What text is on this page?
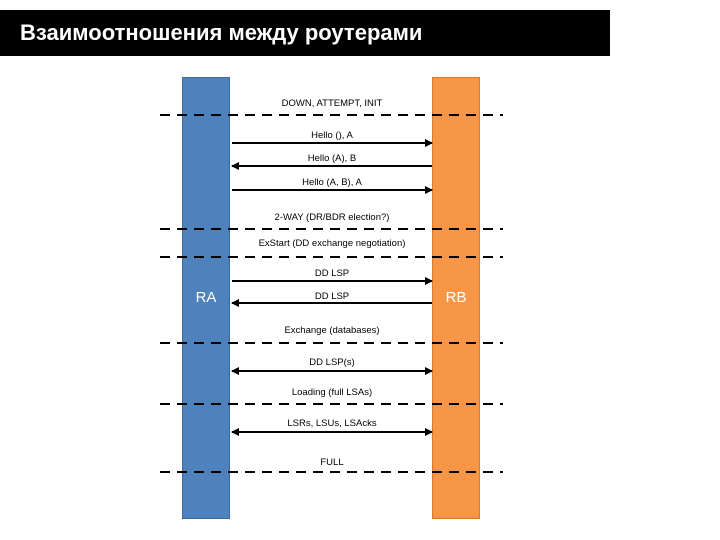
Взаимоотношения между роутерами
DOWN, ATTEMPT, INIT
2-WAY (DR/BDR election?)
ExStart (DD exchange negotiation)
Exchange (databases)
Loading (full LSAs)
FULL
Hello (), A
Hello (A), B
Hello (A, B), A
DD LSP
DD LSP
DD LSP(s)
LSRs, LSUs, LSAcks
RA	RB
